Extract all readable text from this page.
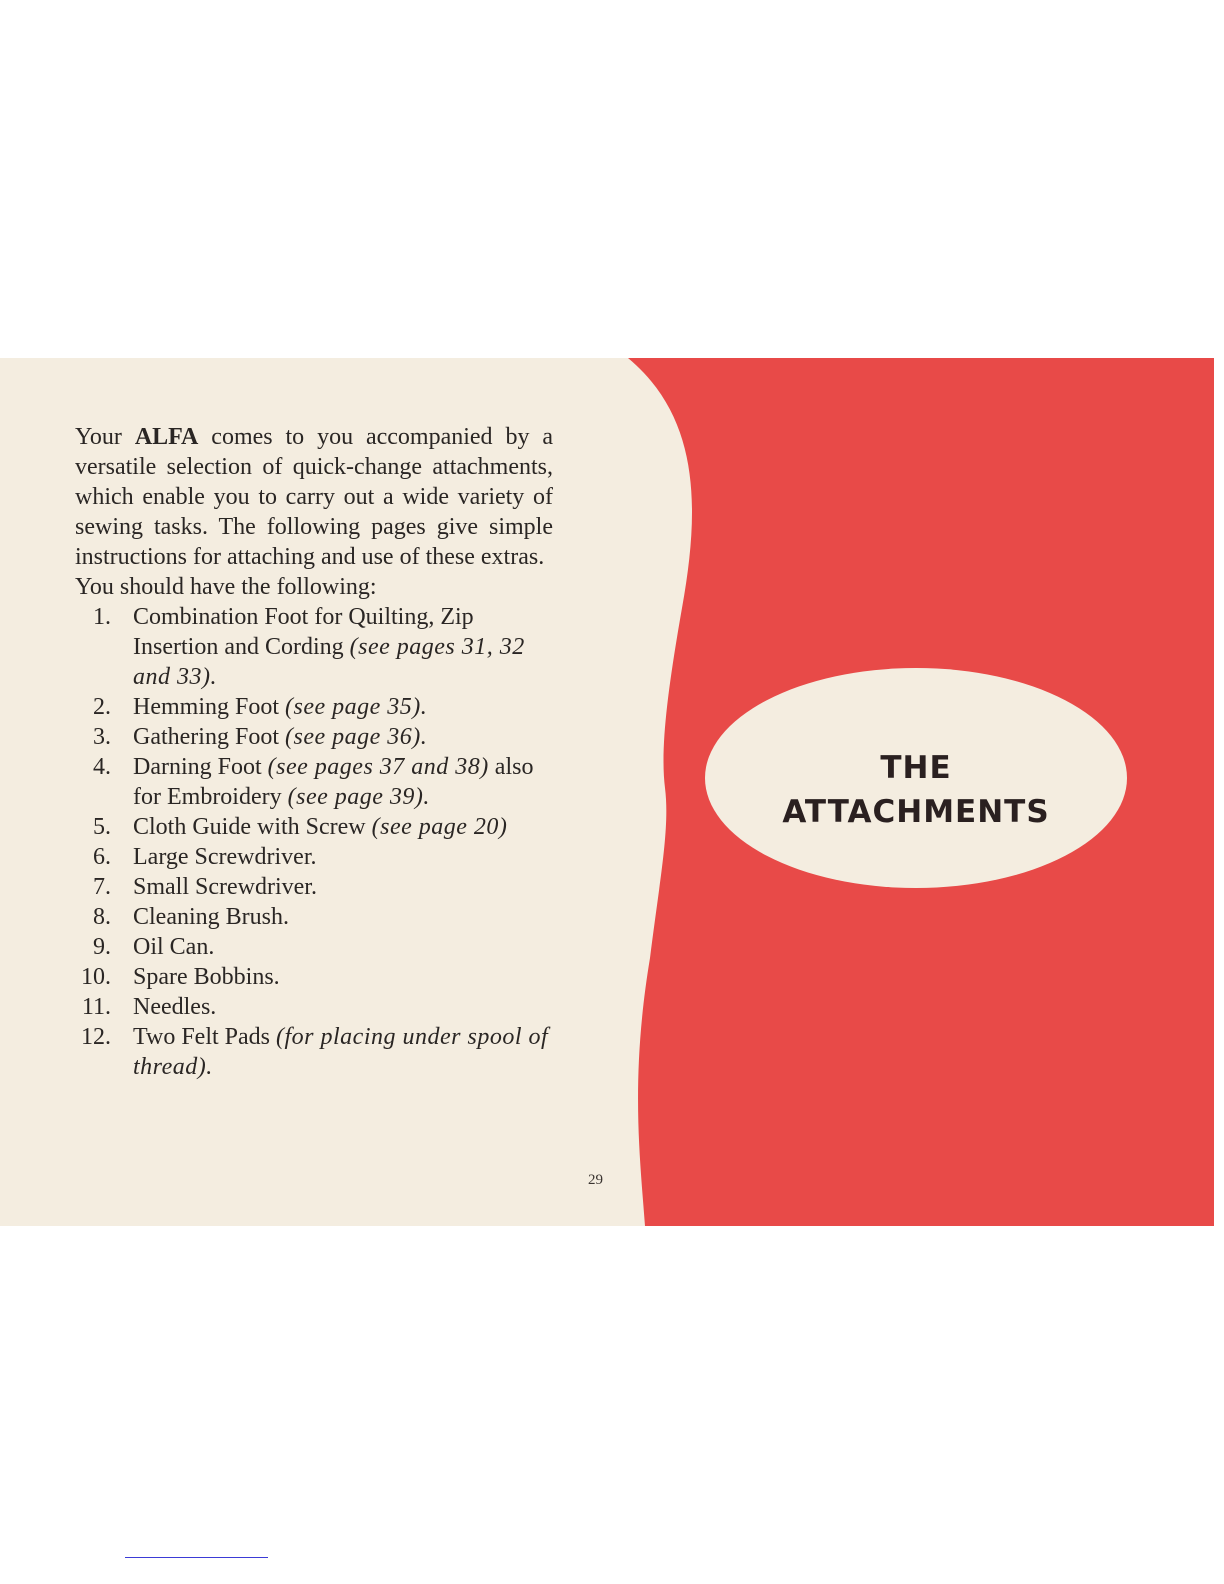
Your ALFA comes to you accompanied by a versatile selection of quick-change attachments, which enable you to carry out a wide variety of sewing tasks. The following pages give simple instructions for attaching and use of these extras.

You should have the following:

1. Combination Foot for Quilting, Zip Insertion and Cording (see pages 31, 32 and 33).
2. Hemming Foot (see page 35).
3. Gathering Foot (see page 36).
4. Darning Foot (see pages 37 and 38) also for Embroidery (see page 39).
5. Cloth Guide with Screw (see page 20)
6. Large Screwdriver.
7. Small Screwdriver.
8. Cleaning Brush.
9. Oil Can.
10. Spare Bobbins.
11. Needles.
12. Two Felt Pads (for placing under spool of thread).
29
THE
ATTACHMENTS
